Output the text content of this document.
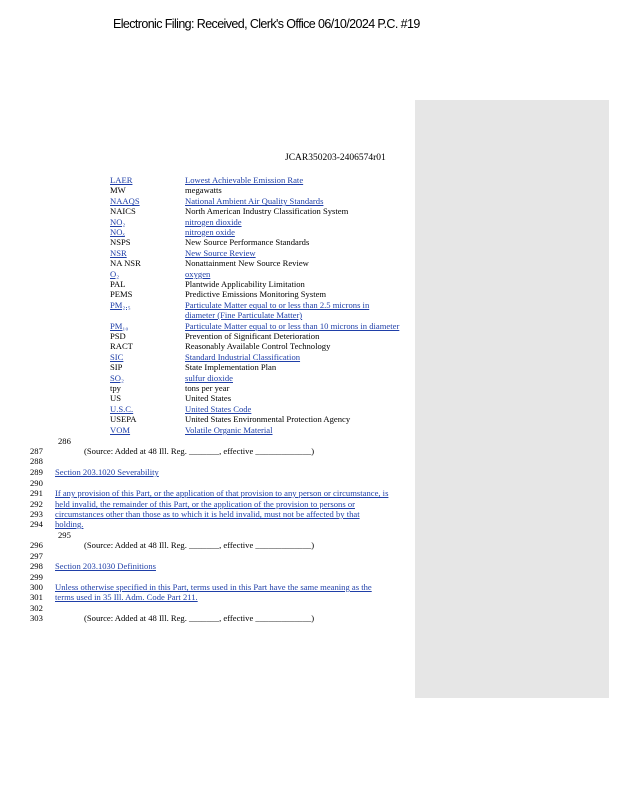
Electronic Filing: Received, Clerk's Office 06/10/2024 P.C. #19
JCAR350203-2406574r01
LAER	Lowest Achievable Emission Rate
MW	megawatts
NAAQS	National Ambient Air Quality Standards
NAICS	North American Industry Classification System
NO₂	nitrogen dioxide
NOₓ	nitrogen oxide
NSPS	New Source Performance Standards
NSR	New Source Review
NA NSR	Nonattainment New Source Review
O₂	oxygen
PAL	Plantwide Applicability Limitation
PEMS	Predictive Emissions Monitoring System
PM₂.₅	Particulate Matter equal to or less than 2.5 microns in
diameter (Fine Particulate Matter)
PM₁₀	Particulate Matter equal to or less than 10 microns in diameter
PSD	Prevention of Significant Deterioration
RACT	Reasonably Available Control Technology
SIC	Standard Industrial Classification
SIP	State Implementation Plan
SO₂	sulfur dioxide
tpy	tons per year
US	United States
U.S.C.	United States Code
USEPA	United States Environmental Protection Agency
VOM	Volatile Organic Material
286
287	(Source: Added at 48 Ill. Reg. _______, effective _____________)
288
289 Section 203.1020 Severability
290
291
292
293
294
If any provision of this Part, or the application of that provision to any person or circumstance, is
held invalid, the remainder of this Part, or the application of the provision to persons or
circumstances other than those as to which it is held invalid, must not be affected by that
holding.
295
296	(Source: Added at 48 Ill. Reg. _______, effective _____________)
297
298 Section 203.1030 Definitions
299
300
301
Unless otherwise specified in this Part, terms used in this Part have the same meaning as the
terms used in 35 Ill. Adm. Code Part 211.
302
303	(Source: Added at 48 Ill. Reg. _______, effective _____________)
